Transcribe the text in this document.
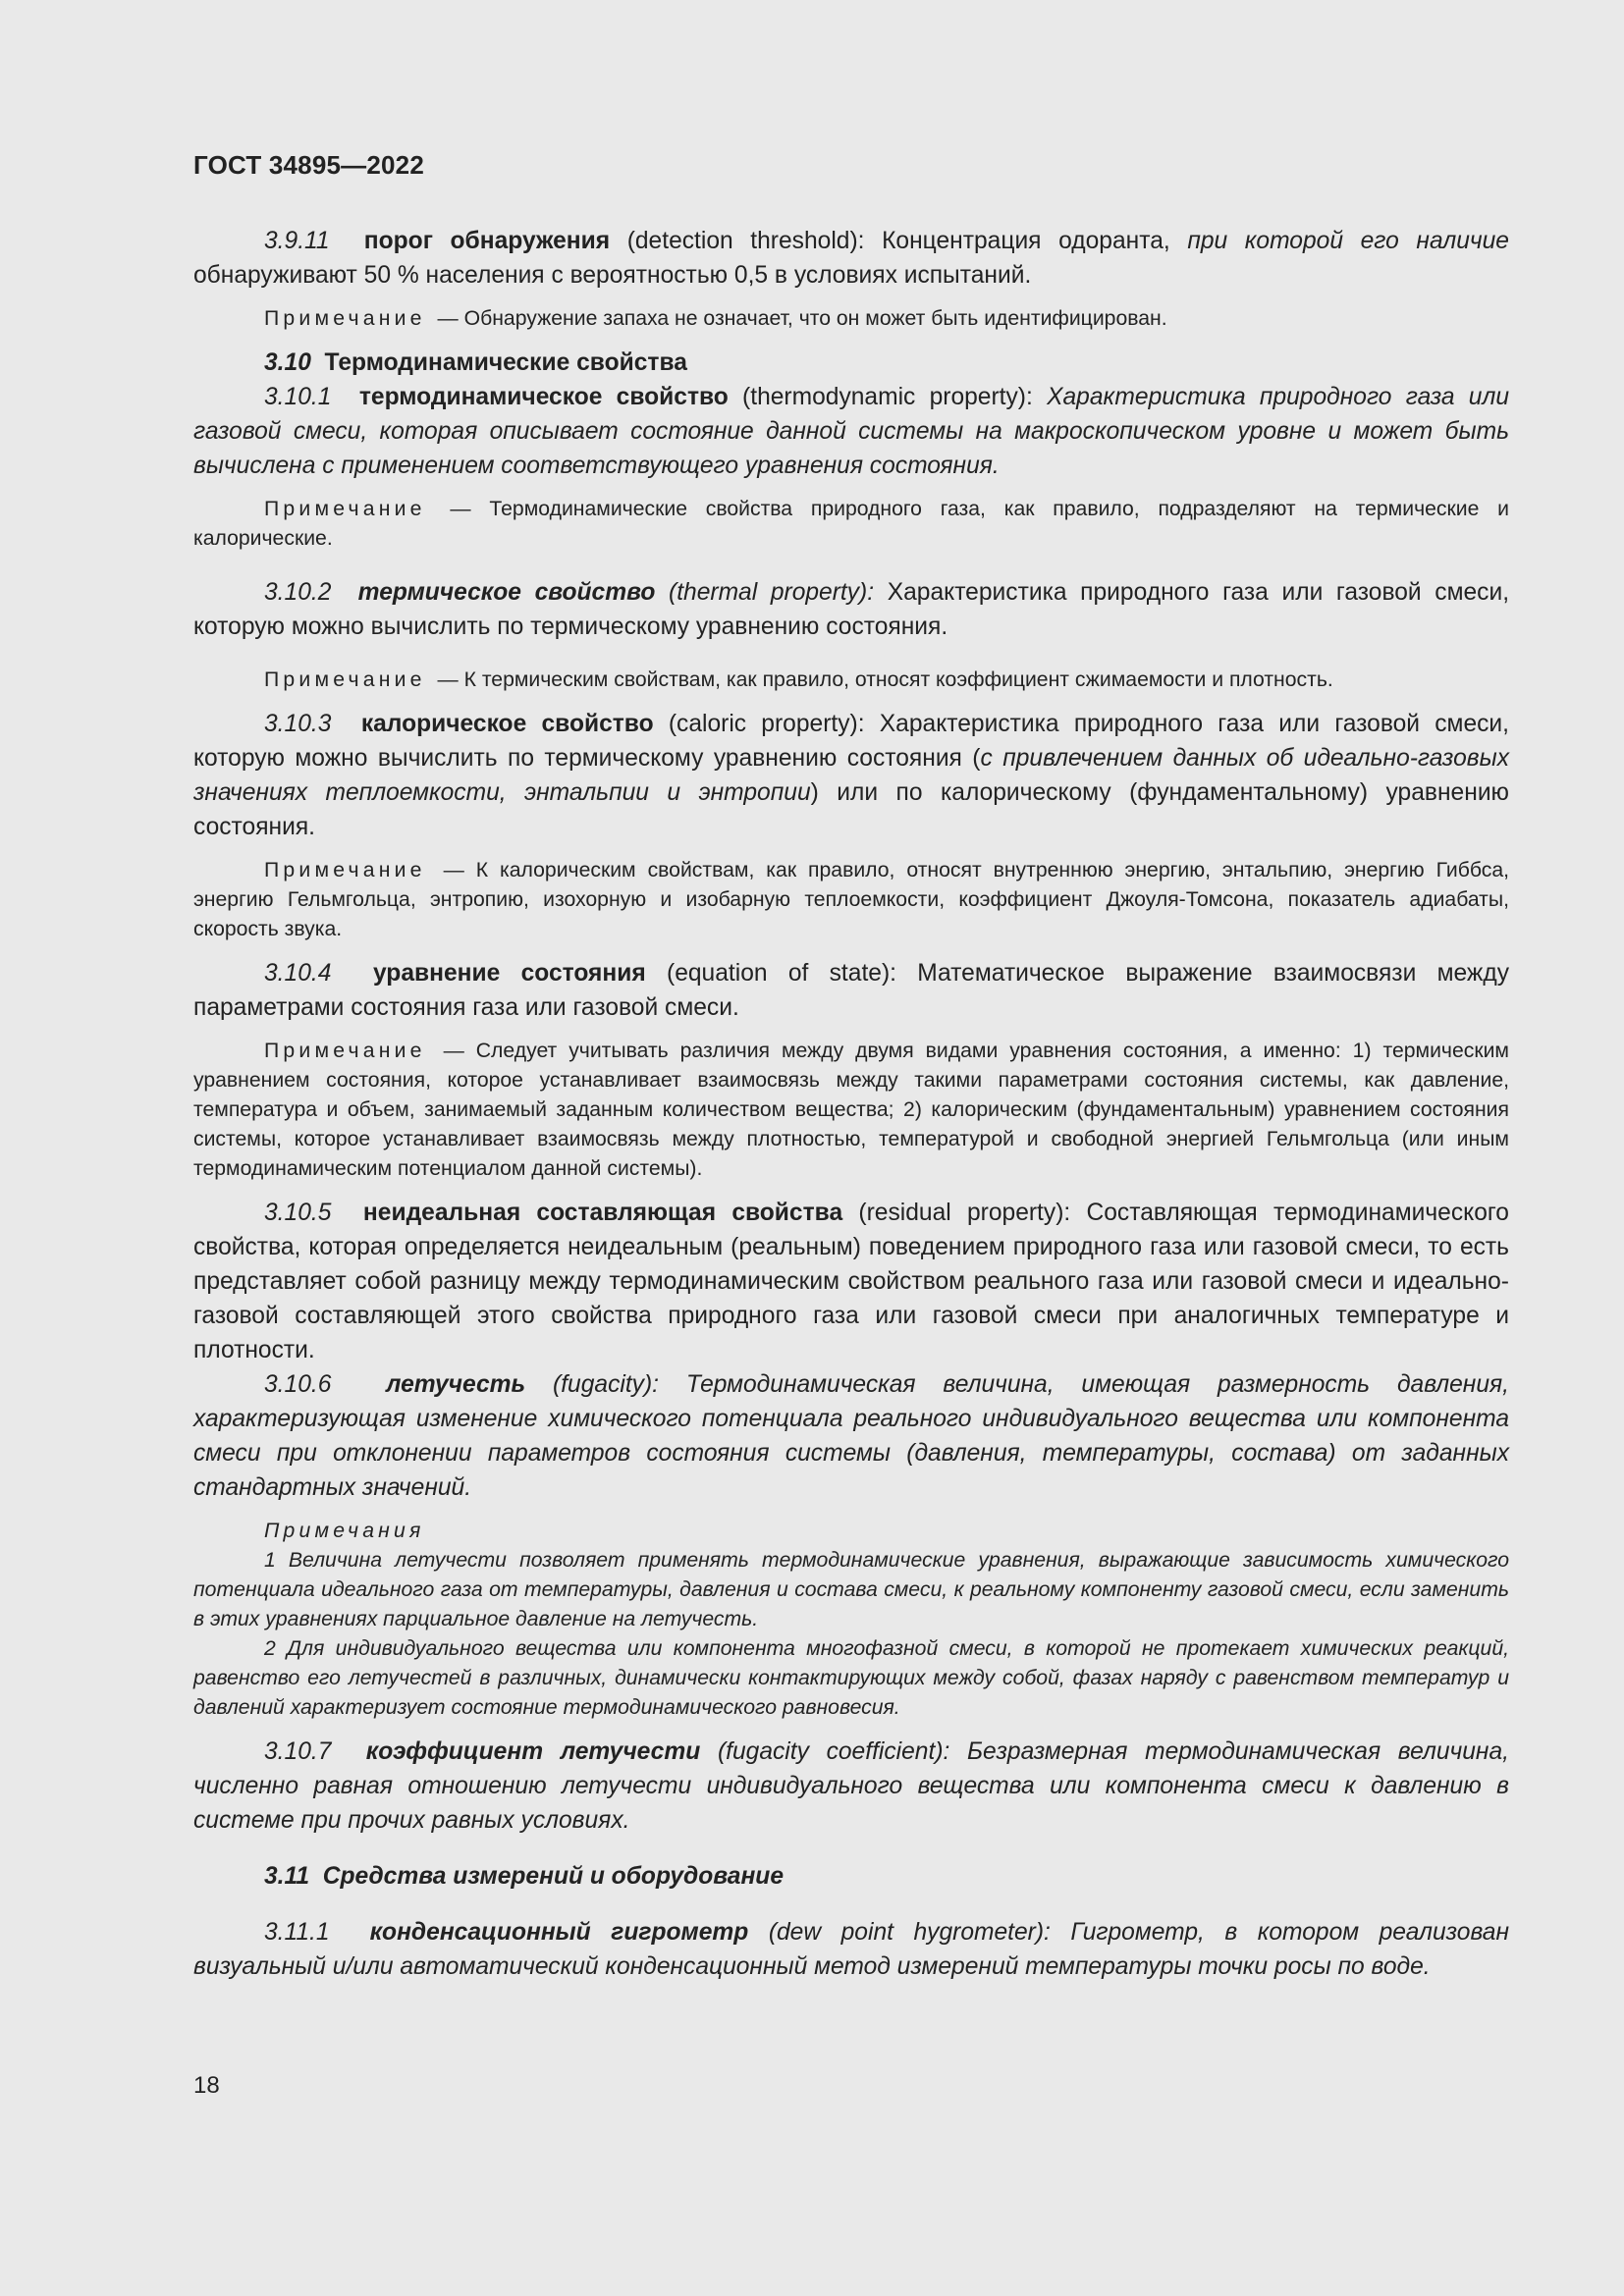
ГОСТ 34895—2022

3.9.11 порог обнаружения (detection threshold): Концентрация одоранта, при которой его наличие обнаруживают 50 % населения с вероятностью 0,5 в условиях испытаний.

Примечание — Обнаружение запаха не означает, что он может быть идентифицирован.

3.10 Термодинамические свойства

3.10.1 термодинамическое свойство (thermodynamic property): Характеристика природного газа или газовой смеси, которая описывает состояние данной системы на макроскопическом уровне и может быть вычислена с применением соответствующего уравнения состояния.

Примечание — Термодинамические свойства природного газа, как правило, подразделяют на термические и калорические.

3.10.2 термическое свойство (thermal property): Характеристика природного газа или газовой смеси, которую можно вычислить по термическому уравнению состояния.

Примечание — К термическим свойствам, как правило, относят коэффициент сжимаемости и плотность.

3.10.3 калорическое свойство (caloric property): Характеристика природного газа или газовой смеси, которую можно вычислить по термическому уравнению состояния (с привлечением данных об идеально-газовых значениях теплоемкости, энтальпии и энтропии) или по калорическому (фундаментальному) уравнению состояния.

Примечание — К калорическим свойствам, как правило, относят внутреннюю энергию, энтальпию, энергию Гиббса, энергию Гельмгольца, энтропию, изохорную и изобарную теплоемкости, коэффициент Джоуля-Томсона, показатель адиабаты, скорость звука.

3.10.4 уравнение состояния (equation of state): Математическое выражение взаимосвязи между параметрами состояния газа или газовой смеси.

Примечание — Следует учитывать различия между двумя видами уравнения состояния, а именно: 1) термическим уравнением состояния, которое устанавливает взаимосвязь между такими параметрами состояния системы, как давление, температура и объем, занимаемый заданным количеством вещества; 2) калорическим (фундаментальным) уравнением состояния системы, которое устанавливает взаимосвязь между плотностью, температурой и свободной энергией Гельмгольца (или иным термодинамическим потенциалом данной системы).

3.10.5 неидеальная составляющая свойства (residual property): Составляющая термодинамического свойства, которая определяется неидеальным (реальным) поведением природного газа или газовой смеси, то есть представляет собой разницу между термодинамическим свойством реального газа или газовой смеси и идеально-газовой составляющей этого свойства природного газа или газовой смеси при аналогичных температуре и плотности.

3.10.6 летучесть (fugacity): Термодинамическая величина, имеющая размерность давления, характеризующая изменение химического потенциала реального индивидуального вещества или компонента смеси при отклонении параметров состояния системы (давления, температуры, состава) от заданных стандартных значений.

Примечания

1 Величина летучести позволяет применять термодинамические уравнения, выражающие зависимость химического потенциала идеального газа от температуры, давления и состава смеси, к реальному компоненту газовой смеси, если заменить в этих уравнениях парциальное давление на летучесть.

2 Для индивидуального вещества или компонента многофазной смеси, в которой не протекает химических реакций, равенство его летучестей в различных, динамически контактирующих между собой, фазах наряду с равенством температур и давлений характеризует состояние термодинамического равновесия.

3.10.7 коэффициент летучести (fugacity coefficient): Безразмерная термодинамическая величина, численно равная отношению летучести индивидуального вещества или компонента смеси к давлению в системе при прочих равных условиях.

3.11 Средства измерений и оборудование

3.11.1 конденсационный гигрометр (dew point hygrometer): Гигрометр, в котором реализован визуальный и/или автоматический конденсационный метод измерений температуры точки росы по воде.

18
